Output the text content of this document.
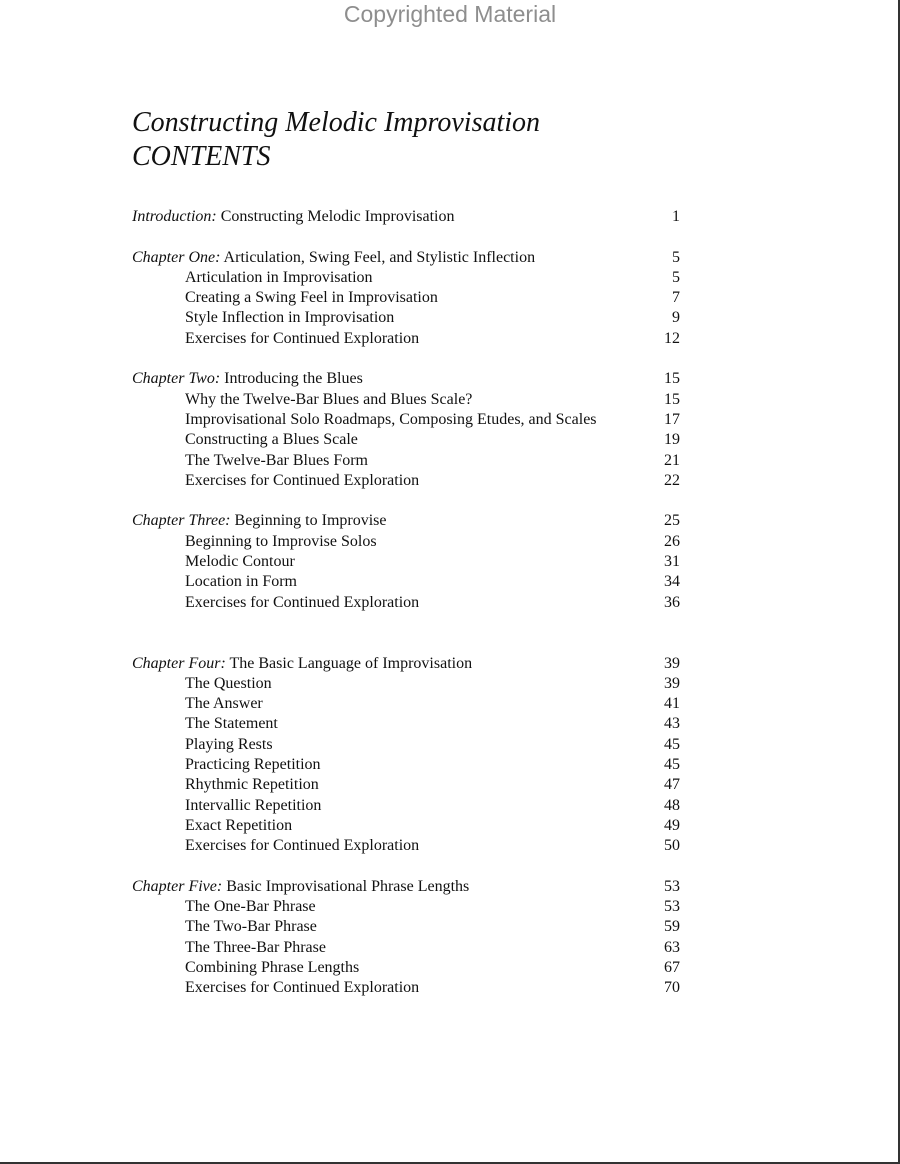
Copyrighted Material
Constructing Melodic Improvisation
CONTENTS
Introduction: Constructing Melodic Improvisation	1
Chapter One: Articulation, Swing Feel, and Stylistic Inflection	5
Articulation in Improvisation	5
Creating a Swing Feel in Improvisation	7
Style Inflection in Improvisation	9
Exercises for Continued Exploration	12
Chapter Two: Introducing the Blues	15
Why the Twelve-Bar Blues and Blues Scale?	15
Improvisational Solo Roadmaps, Composing Etudes, and Scales	17
Constructing a Blues Scale	19
The Twelve-Bar Blues Form	21
Exercises for Continued Exploration	22
Chapter Three: Beginning to Improvise	25
Beginning to Improvise Solos	26
Melodic Contour	31
Location in Form	34
Exercises for Continued Exploration	36
Chapter Four: The Basic Language of Improvisation	39
The Question	39
The Answer	41
The Statement	43
Playing Rests	45
Practicing Repetition	45
Rhythmic Repetition	47
Intervallic Repetition	48
Exact Repetition	49
Exercises for Continued Exploration	50
Chapter Five: Basic Improvisational Phrase Lengths	53
The One-Bar Phrase	53
The Two-Bar Phrase	59
The Three-Bar Phrase	63
Combining Phrase Lengths	67
Exercises for Continued Exploration	70
